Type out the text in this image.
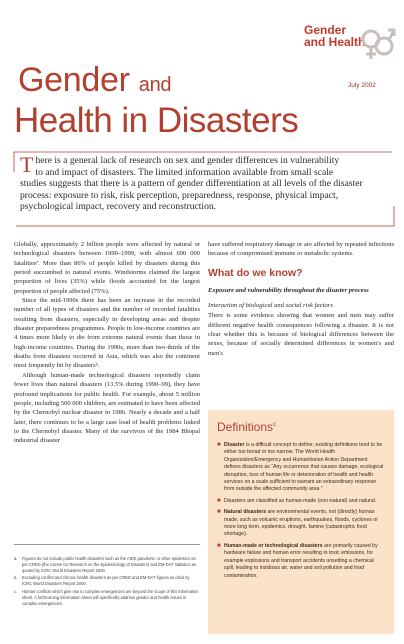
Gender
and Health
July 2002
Gender and
Health in Disasters
T here is a general lack of research on sex and gender differences in vulnerability
to and impact of disasters. The limited information available from small scale
studies suggests that there is a pattern of gender differentiation at all levels of the disaster process: exposure to risk, risk perception, preparedness, response, physical impact, psychological impact, recovery and reconstruction.

Globally, approximately 2 billion people were affected by natural or technological disasters between 1990–1999, with almost 600 000 fatalitiesª. More than 86% of people killed by disasters during this period succumbed to natural events. Windstorms claimed the largest proportion of lives (35%) while floods accounted for the largest proportion of people affected (75%).

Since the mid-1990s there has been an increase in the recorded number of all types of disasters and the number of recorded fatalities resulting from disasters, especially in developing areas and despite disaster preparedness programmes. People in low-income countries are 4 times more likely to die from extreme natural events than those in high-income countries. During the 1990s, more than two-thirds of the deaths from disasters occurred in Asia, which was also the continent most frequently hit by disastersᵇ.

Although human-made technological disasters reportedly claim fewer lives than natural disasters (13.5% during 1990–99), they have profound implications for public health. For example, about 5 million people, including 500 000 children, are estimated to have been affected by the Chernobyl nuclear disaster in 1986. Nearly a decade and a half later, there continues to be a large case load of health problems linked to the Chernobyl disaster. Many of the survivors of the 1984 Bhopal industrial disaster

a. Figures do not include public health disasters such as the AIDS pandemic or other epidemics as per CRED (the Centre for Research on the Epidemiology of Disasters) and EM-DAT statistics as quoted by ICRC World Disasters Report 2000.
b. Excluding conflict and chronic health disasters as per CRED and EM-DAT figures as cited by ICRC World Disasters Report 2000.
c. Human conflicts which give rise to complex emergencies are beyond the scope of this information sheet. A forthcoming information sheet will specifically address gender and health issues in complex emergencies.

have suffered respiratory damage or are affected by repeated infections because of compromised immune or metabolic systems.

What do we know?
Exposure and vulnerability throughout the disaster process
Interaction of biological and social risk factors

There is some evidence showing that women and men may suffer different negative health consequences following a disaster. It is not clear whether this is because of biological differences between the sexes, because of socially determined differences in women's and men's

Definitions$^c$
■ Disaster is a difficult concept to define; existing definitions tend to be either too broad or too narrow. The World Health Organization/Emergency and Humanitarian Action Department defines disasters as “Any occurrence that causes damage, ecological disruption, loss of human life or deterioration of health and health services on a scale sufficient to warrant an extraordinary response from outside the affected community area.”
■ Disasters are classified as human-made (non-natural) and natural.
■ Natural disasters are environmental events, not (directly) human made, such as volcanic eruptions, earthquakes, floods, cyclones or more long term, epidemics, drought, famine (catastrophic food shortage).
■ Human-made or technological disasters are primarily caused by hardware failure and human error resulting in toxic emissions, for example explosions and transport accidents unsetting a chemical spill, leading to insidious air, water and soil pollution and food contamination.
